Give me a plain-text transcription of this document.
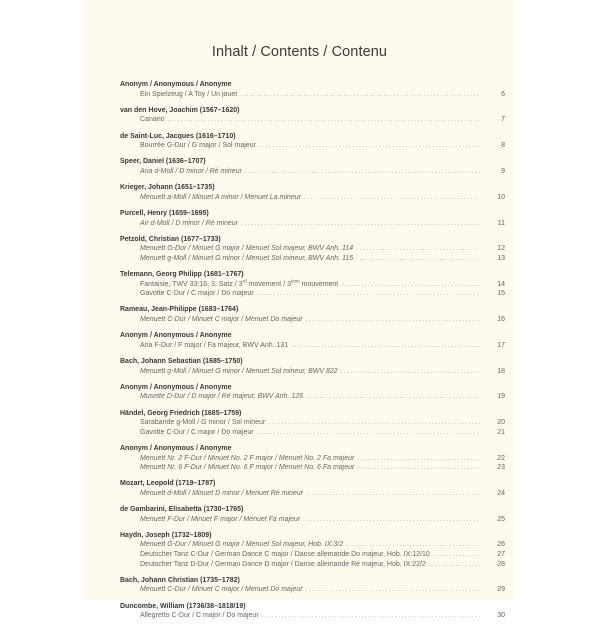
Inhalt / Contents / Contenu
Anonym / Anonymous / Anonyme
Ein Spielzeug / A Toy / Un jouet . . .	6
van den Hove, Joachim (1567–1620)
Canario . . .	7
de Saint-Luc, Jacques (1616–1710)
Bourrée G-Dur / G major / Sol majeur . . .	8
Speer, Daniel (1636–1707)
Aria d-Moll / D minor / Ré mineur . . .	9
Krieger, Johann (1651–1735)
Menuett a-Moll / Minuet A minor / Menuet La mineur . . .	10
Purcell, Henry (1659–1695)
Air d-Moll / D minor / Ré mineur . . .	11
Petzold, Christian (1677–1733)
Menuett G-Dur / Minuet G major / Menuet Sol majeur, BWV Anh. 114 . . .	12
Menuett g-Moll / Minuet G minor / Menuet Sol mineur, BWV Anh. 115 . . .	13
Telemann, Georg Philipp (1681–1767)
Fantaisie, TWV 33:16, 3. Satz / 3rd movement / 3ème mouvement . . .	14
Gavotte C-Dur / C major / Do majeur . . .	15
Rameau, Jean-Philippe (1683–1764)
Menuett C-Dur / Minuet C major / Menuet Do majeur . . .	16
Anonym / Anonymous / Anonyme
Aria F-Dur / F major / Fa majeur, BWV Anh. 131 . . .	17
Bach, Johann Sebastian (1685–1750)
Menuett g-Moll / Minuet G minor / Menuet Sol mineur, BWV 822 . . .	18
Anonym / Anonymous / Anonyme
Musette D-Dur / D major / Ré majeur, BWV Anh. 126 . . .	19
Händel, Georg Friedrich (1685–1759)
Sarabande g-Moll / G minor / Sol mineur . . .	20
Gavotte C-Dur / C major / Do majeur . . .	21
Anonym / Anonymous / Anonyme
Menuett Nr. 2 F-Dur / Minuet No. 2 F major / Menuet No. 2 Fa majeur . . .	22
Menuett Nr. 6 F-Dur / Minuet No. 6 F major / Menuet No. 6 Fa majeur . . .	23
Mozart, Leopold (1719–1787)
Menuett d-Moll / Minuet D minor / Menuet Ré mineur . . .	24
de Gambarini, Elisabetta (1730–1765)
Menuett F-Dur / Minuet F major / Menuet Fa majeur . . .	25
Haydn, Joseph (1732–1809)
Menuett G-Dur / Minuet G major / Menuet Sol majeur, Hob. IX:3/2 . . .	26
Deutscher Tanz C-Dur / German Dance C major / Danse allemande Do majeur, Hob. IX:12/10 . . .	27
Deutscher Tanz D-Dur / German Dance D major / Danse allemande Ré majeur, Hob. IX:22/2 . . .	28
Bach, Johann Christian (1735–1782)
Menuett C-Dur / Minuet C major / Menuet Do majeur . . .	29
Duncombe, William (1736/38–1818/19)
Allegretto C-Dur / C major / Do majeur . . .	30
